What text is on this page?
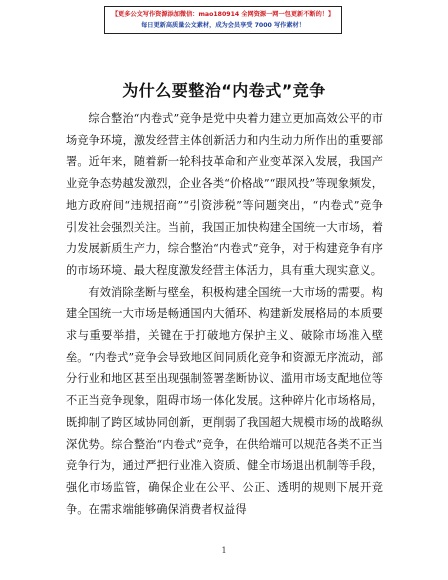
【更多公文写作资源添加微信：mao180914 全网资源一网一包更新不断的！】
每日更新高质量公文素材，成为会员享受 7000 写作素材！
为什么要整治“内卷式”竞争

综合整治“内卷式”竞争是党中央着力建立更加高效公平的市场竞争环境，激发经营主体创新活力和内生动力所作出的重要部署。近年来，随着新一轮科技革命和产业变革深入发展，我国产业竞争态势越发激烈，企业各类“价格战”“跟风投”等现象频发，地方政府间“违规招商”“引资涉税”等问题突出，“内卷式”竞争引发社会强烈关注。当前，我国正加快构建全国统一大市场，着力发展新质生产力，综合整治“内卷式”竞争，对于构建竞争有序的市场环境、最大程度激发经营主体活力，具有重大现实意义。

有效消除垄断与壁垒，积极构建全国统一大市场的需要。构建全国统一大市场是畅通国内大循环、构建新发展格局的本质要求与重要举措，关键在于打破地方保护主义、破除市场准入壁垒。“内卷式”竞争会导致地区间同质化竞争和资源无序流动，部分行业和地区甚至出现强制签署垄断协议、滥用市场支配地位等不正当竞争现象，阻碍市场一体化发展。这种碎片化市场格局，既抑制了跨区域协同创新，更削弱了我国超大规模市场的战略纵深优势。综合整治“内卷式”竞争，在供给端可以规范各类不正当竞争行为，通过严把行业准入资质、健全市场退出机制等手段，强化市场监管，确保企业在公平、公正、透明的规则下展开竞争。在需求端能够确保消费者权益得

1
